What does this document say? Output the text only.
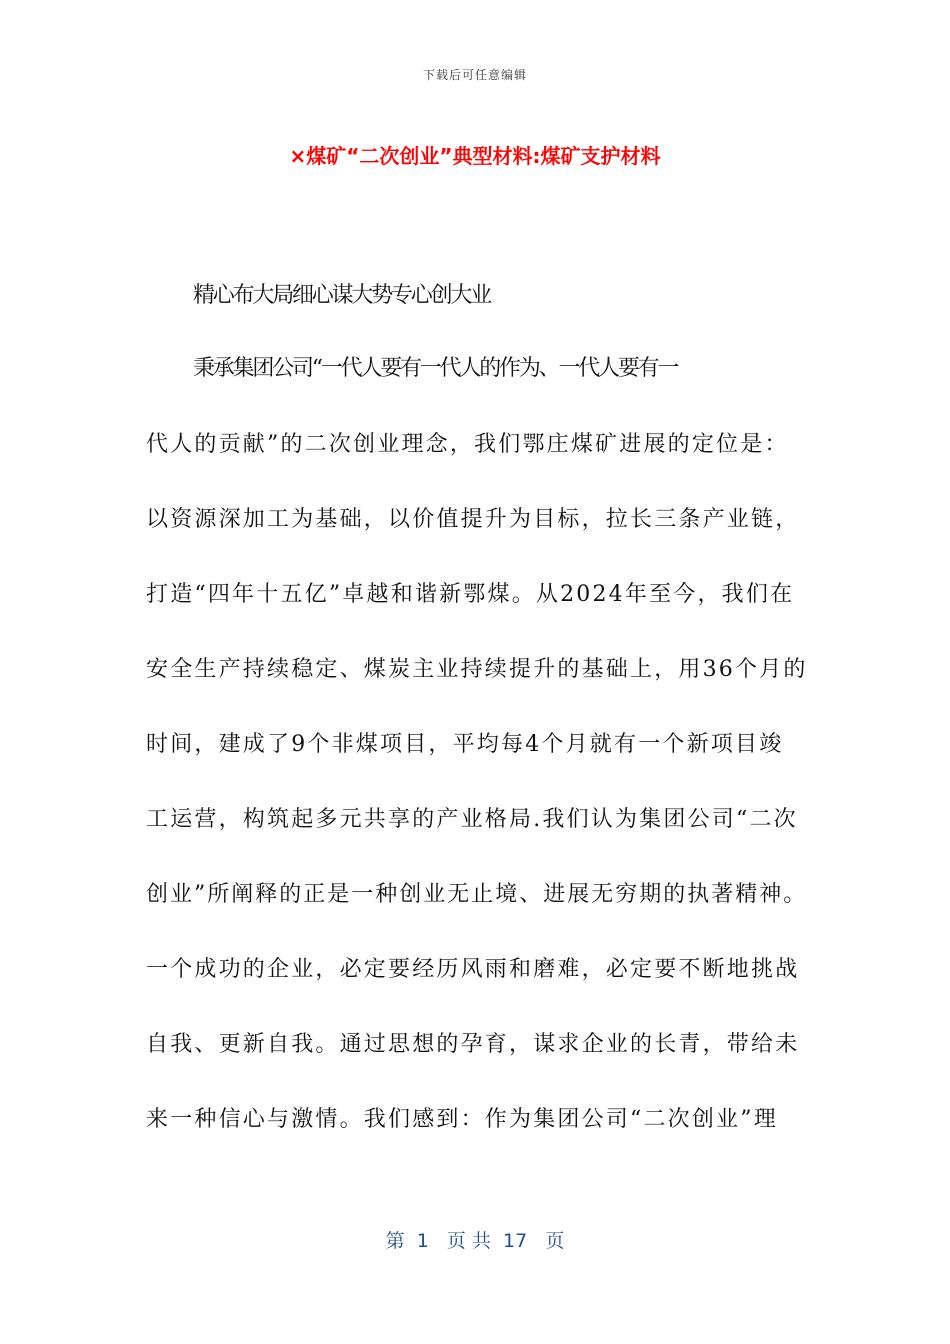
下载后可任意编辑
×煤矿“二次创业”典型材料:煤矿支护材料
精心布大局细心谋大势专心创大业
秉承集团公司“一代人要有一代人的作为、一代人要有一
代人的贡献”的二次创业理念，我们鄂庄煤矿进展的定位是：
以资源深加工为基础，以价值提升为目标，拉长三条产业链，
打造“四年十五亿”卓越和谐新鄂煤。从2024年至今，我们在
安全生产持续稳定、煤炭主业持续提升的基础上，用36个月的
时间，建成了9个非煤项目，平均每4个月就有一个新项目竣
工运营，构筑起多元共享的产业格局.我们认为集团公司“二次
创业”所阐释的正是一种创业无止境、进展无穷期的执著精神。
一个成功的企业，必定要经历风雨和磨难，必定要不断地挑战
自我、更新自我。通过思想的孕育，谋求企业的长青，带给未
来一种信心与激情。我们感到：作为集团公司“二次创业”理
第  1   页 共  17   页
